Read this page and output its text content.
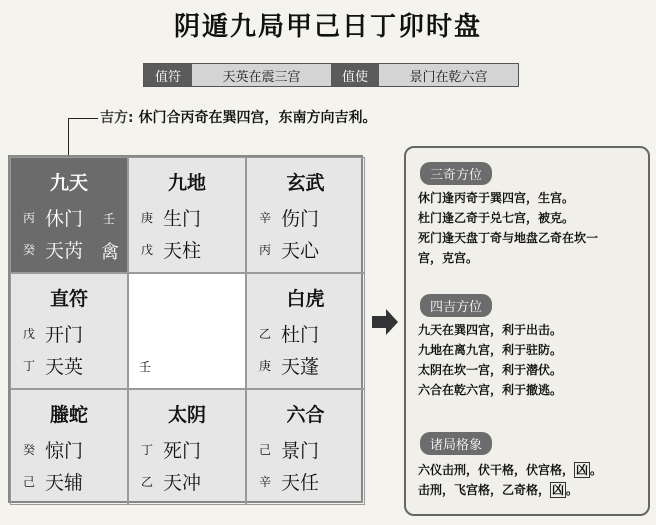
阴遁九局甲己日丁卯时盘
值符	天英在震三宫	值使	景门在乾六宫
吉方: 休门合丙奇在巽四宫，东南方向吉利。
九天
丙 休门 壬
癸 天芮 禽
九地
庚 生门
戊 天柱
玄武
辛 伤门
丙 天心
直符
戊 开门
丁 天英	壬
白虎
乙 杜门
庚 天蓬
螣蛇
癸 惊门
己 天辅
太阴
丁 死门
乙 天冲
六合
己 景门
辛 天任
三奇方位
休门逢丙奇于巽四宫，生宫。
杜门逢乙奇于兑七宫，被克。
死门逢天盘丁奇与地盘乙奇在坎一
宫，克宫。
四吉方位
九天在巽四宫，利于出击。
九地在离九宫，利于驻防。
太阴在坎一宫，利于潜伏。
六合在乾六宫，利于撤逃。
诸局格象
六仪击刑，伏干格，伏宫格， 凶 。
击刑，飞宫格，乙奇格， 凶 。
